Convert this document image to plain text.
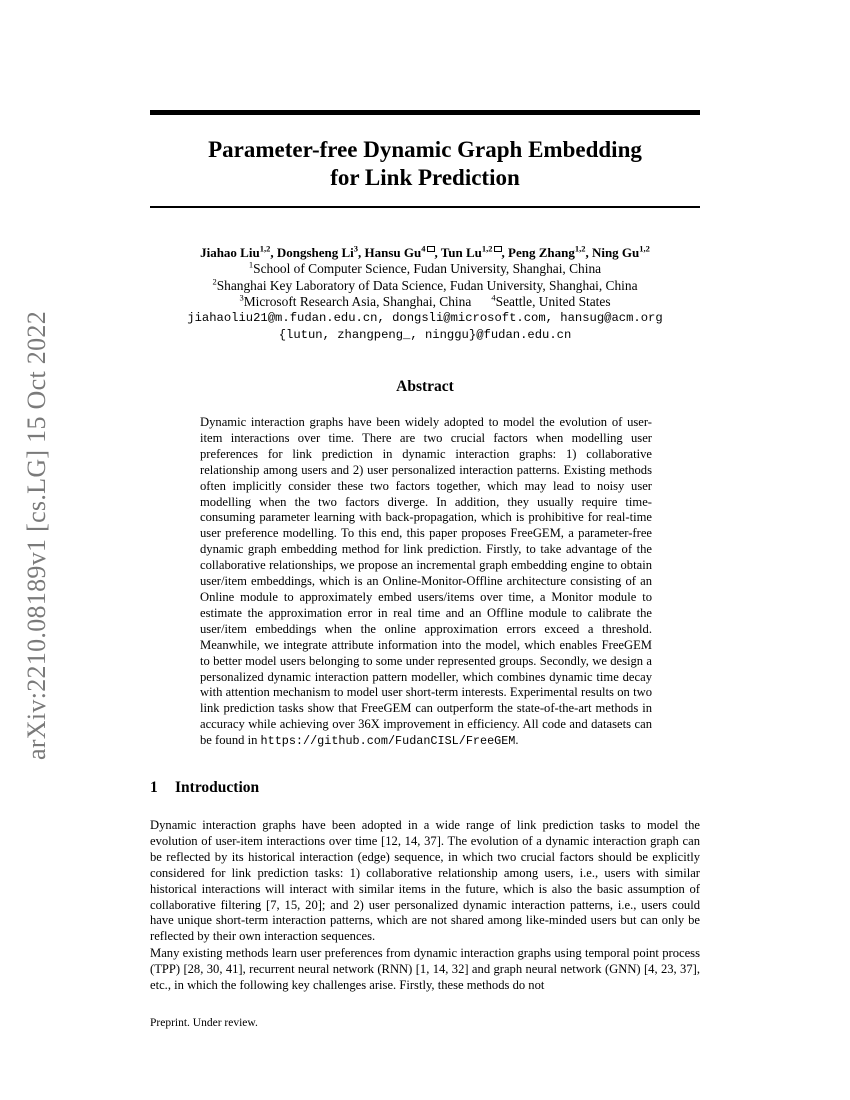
arXiv:2210.08189v1 [cs.LG] 15 Oct 2022
Parameter-free Dynamic Graph Embedding
for Link Prediction
Jiahao Liu$^{1,2}$, Dongsheng Li$^3$, Hansu Gu$^4$ , Tun Lu$^{1,2}$ , Peng Zhang$^{1,2}$, Ning Gu$^{1,2}$
$^1$School of Computer Science, Fudan University, Shanghai, China
$^2$Shanghai Key Laboratory of Data Science, Fudan University, Shanghai, China
$^3$Microsoft Research Asia, Shanghai, China $^4$Seattle, United States
jiahaoliu21@m.fudan.edu.cn, dongsli@microsoft.com, hansug@acm.org
{lutun, zhangpeng_, ninggu}@fudan.edu.cn
Abstract
Dynamic interaction graphs have been widely adopted to model the evolution of user-item interactions over time. There are two crucial factors when modelling user preferences for link prediction in dynamic interaction graphs: 1) collaborative relationship among users and 2) user personalized interaction patterns. Existing methods often implicitly consider these two factors together, which may lead to noisy user modelling when the two factors diverge. In addition, they usually require time-consuming parameter learning with back-propagation, which is prohibitive for real-time user preference modelling. To this end, this paper proposes FreeGEM, a parameter-free dynamic graph embedding method for link prediction. Firstly, to take advantage of the collaborative relationships, we propose an incremental graph embedding engine to obtain user/item embeddings, which is an Online-Monitor-Offline architecture consisting of an Online module to approximately embed users/items over time, a Monitor module to estimate the approximation error in real time and an Offline module to calibrate the user/item embeddings when the online approximation errors exceed a threshold. Meanwhile, we integrate attribute information into the model, which enables FreeGEM to better model users belonging to some under represented groups. Secondly, we design a personalized dynamic interaction pattern modeller, which combines dynamic time decay with attention mechanism to model user short-term interests. Experimental results on two link prediction tasks show that FreeGEM can outperform the state-of-the-art methods in accuracy while achieving over 36X improvement in efficiency. All code and datasets can be found in https://github.com/FudanCISL/FreeGEM.
1 Introduction
Dynamic interaction graphs have been adopted in a wide range of link prediction tasks to model the evolution of user-item interactions over time [12, 14, 37]. The evolution of a dynamic interaction graph can be reflected by its historical interaction (edge) sequence, in which two crucial factors should be explicitly considered for link prediction tasks: 1) collaborative relationship among users, i.e., users with similar historical interactions will interact with similar items in the future, which is also the basic assumption of collaborative filtering [7, 15, 20]; and 2) user personalized dynamic interaction patterns, i.e., users could have unique short-term interaction patterns, which are not shared among like-minded users but can only be reflected by their own interaction sequences.
Many existing methods learn user preferences from dynamic interaction graphs using temporal point process (TPP) [28, 30, 41], recurrent neural network (RNN) [1, 14, 32] and graph neural network (GNN) [4, 23, 37], etc., in which the following key challenges arise. Firstly, these methods do not
Preprint. Under review.
